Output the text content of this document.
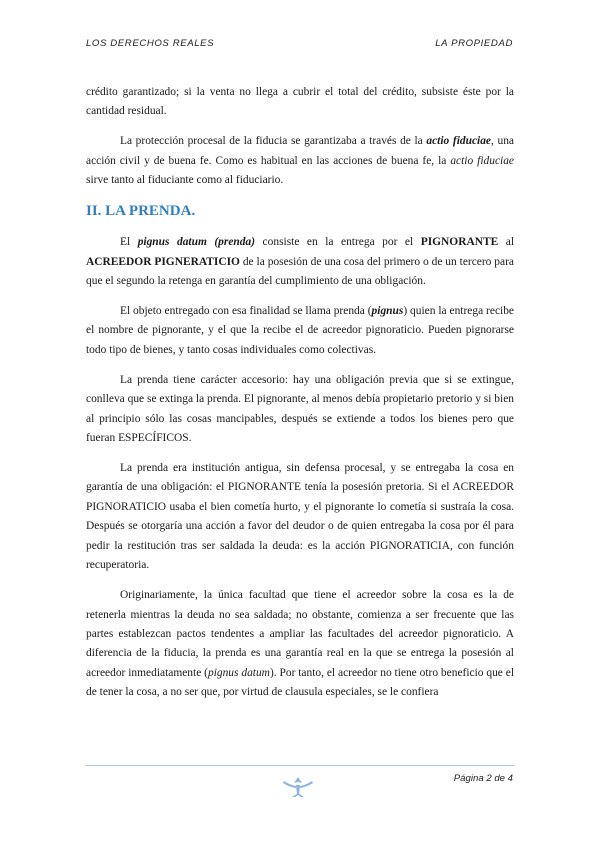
LOS DERECHOS REALES	LA PROPIEDAD

crédito garantizado; si la venta no llega a cubrir el total del crédito, subsiste éste por la cantidad residual.

La protección procesal de la fiducia se garantizaba a través de la actio fiduciae, una acción civil y de buena fe. Como es habitual en las acciones de buena fe, la actio fiduciae sirve tanto al fiduciante como al fiduciario.

II. LA PRENDA.

El pignus datum (prenda) consiste en la entrega por el PIGNORANTE al ACREEDOR PIGNERATICIO de la posesión de una cosa del primero o de un tercero para que el segundo la retenga en garantía del cumplimiento de una obligación.

El objeto entregado con esa finalidad se llama prenda (pignus) quien la entrega recibe el nombre de pignorante, y el que la recibe el de acreedor pignoraticio. Pueden pignorarse todo tipo de bienes, y tanto cosas individuales como colectivas.

La prenda tiene carácter accesorio: hay una obligación previa que si se extingue, conlleva que se extinga la prenda. El pignorante, al menos debía propietario pretorio y si bien al principio sólo las cosas mancipables, después se extiende a todos los bienes pero que fueran ESPECÍFICOS.

La prenda era institución antigua, sin defensa procesal, y se entregaba la cosa en garantía de una obligación: el PIGNORANTE tenía la posesión pretoria. Si el ACREEDOR PIGNORATICIO usaba el bien cometía hurto, y el pignorante lo cometía si sustraía la cosa. Después se otorgaría una acción a favor del deudor o de quien entregaba la cosa por él para pedir la restitución tras ser saldada la deuda: es la acción PIGNORATICIA, con función recuperatoria.

Originariamente, la única facultad que tiene el acreedor sobre la cosa es la de retenerla mientras la deuda no sea saldada; no obstante, comienza a ser frecuente que las partes establezcan pactos tendentes a ampliar las facultades del acreedor pignoraticio. A diferencia de la fiducia, la prenda es una garantía real en la que se entrega la posesión al acreedor inmediatamente (pignus datum). Por tanto, el acreedor no tiene otro beneficio que el de tener la cosa, a no ser que, por virtud de clausula especiales, se le confiera

Página 2 de 4
